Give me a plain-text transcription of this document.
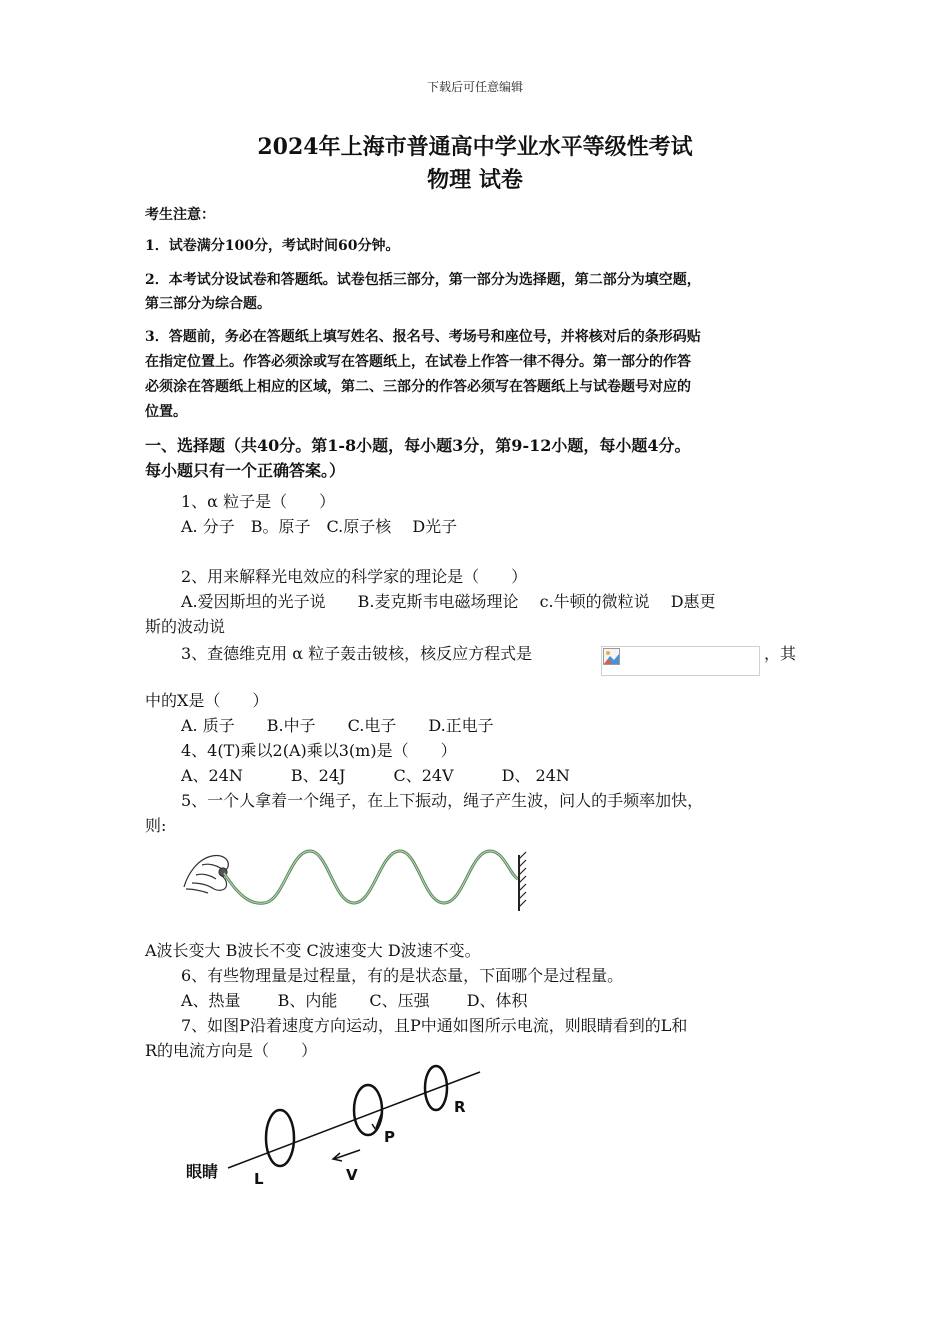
下载后可任意编辑
2024年上海市普通高中学业水平等级性考试
物理 试卷
考生注意：
1．试卷满分100分，考试时间60分钟。
2．本考试分设试卷和答题纸。试卷包括三部分，第一部分为选择题，第二部分为填空题，
第三部分为综合题。
3．答题前，务必在答题纸上填写姓名、报名号、考场号和座位号，并将核对后的条形码贴
在指定位置上。作答必须涂或写在答题纸上，在试卷上作答一律不得分。第一部分的作答
必须涂在答题纸上相应的区域，第二、三部分的作答必须写在答题纸上与试卷题号对应的
位置。
一、选择题（共40分。第1-8小题，每小题3分，第9-12小题，每小题4分。
每小题只有一个正确答案。）
1、α 粒子是（　　）
A. 分子　B。原子　C.原子核　 D光子
2、用来解释光电效应的科学家的理论是（　　）
A.爱因斯坦的光子说　　B.麦克斯韦电磁场理论　 c.牛顿的微粒说　 D惠更
斯的波动说
3、查德维克用 α 粒子轰击铍核，核反应方程式是	，其
中的X是（　　）
A. 质子　　B.中子　　C.电子　　D.正电子
4、4(T)乘以2(A)乘以3(m)是（　　）
A、24N　　　B、24J　　　C、24V　　　D、 24N
5、一个人拿着一个绳子，在上下振动，绳子产生波，问人的手频率加快，
则:
A波长变大 B波长不变 C波速变大 D波速不变。
6、有些物理量是过程量，有的是状态量，下面哪个是过程量。
A、热量　　 B、内能　　C、压强　　 D、体积
7、如图P沿着速度方向运动，且P中通如图所示电流，则眼睛看到的L和
R的电流方向是（　　）
眼睛 L
P
R
V
